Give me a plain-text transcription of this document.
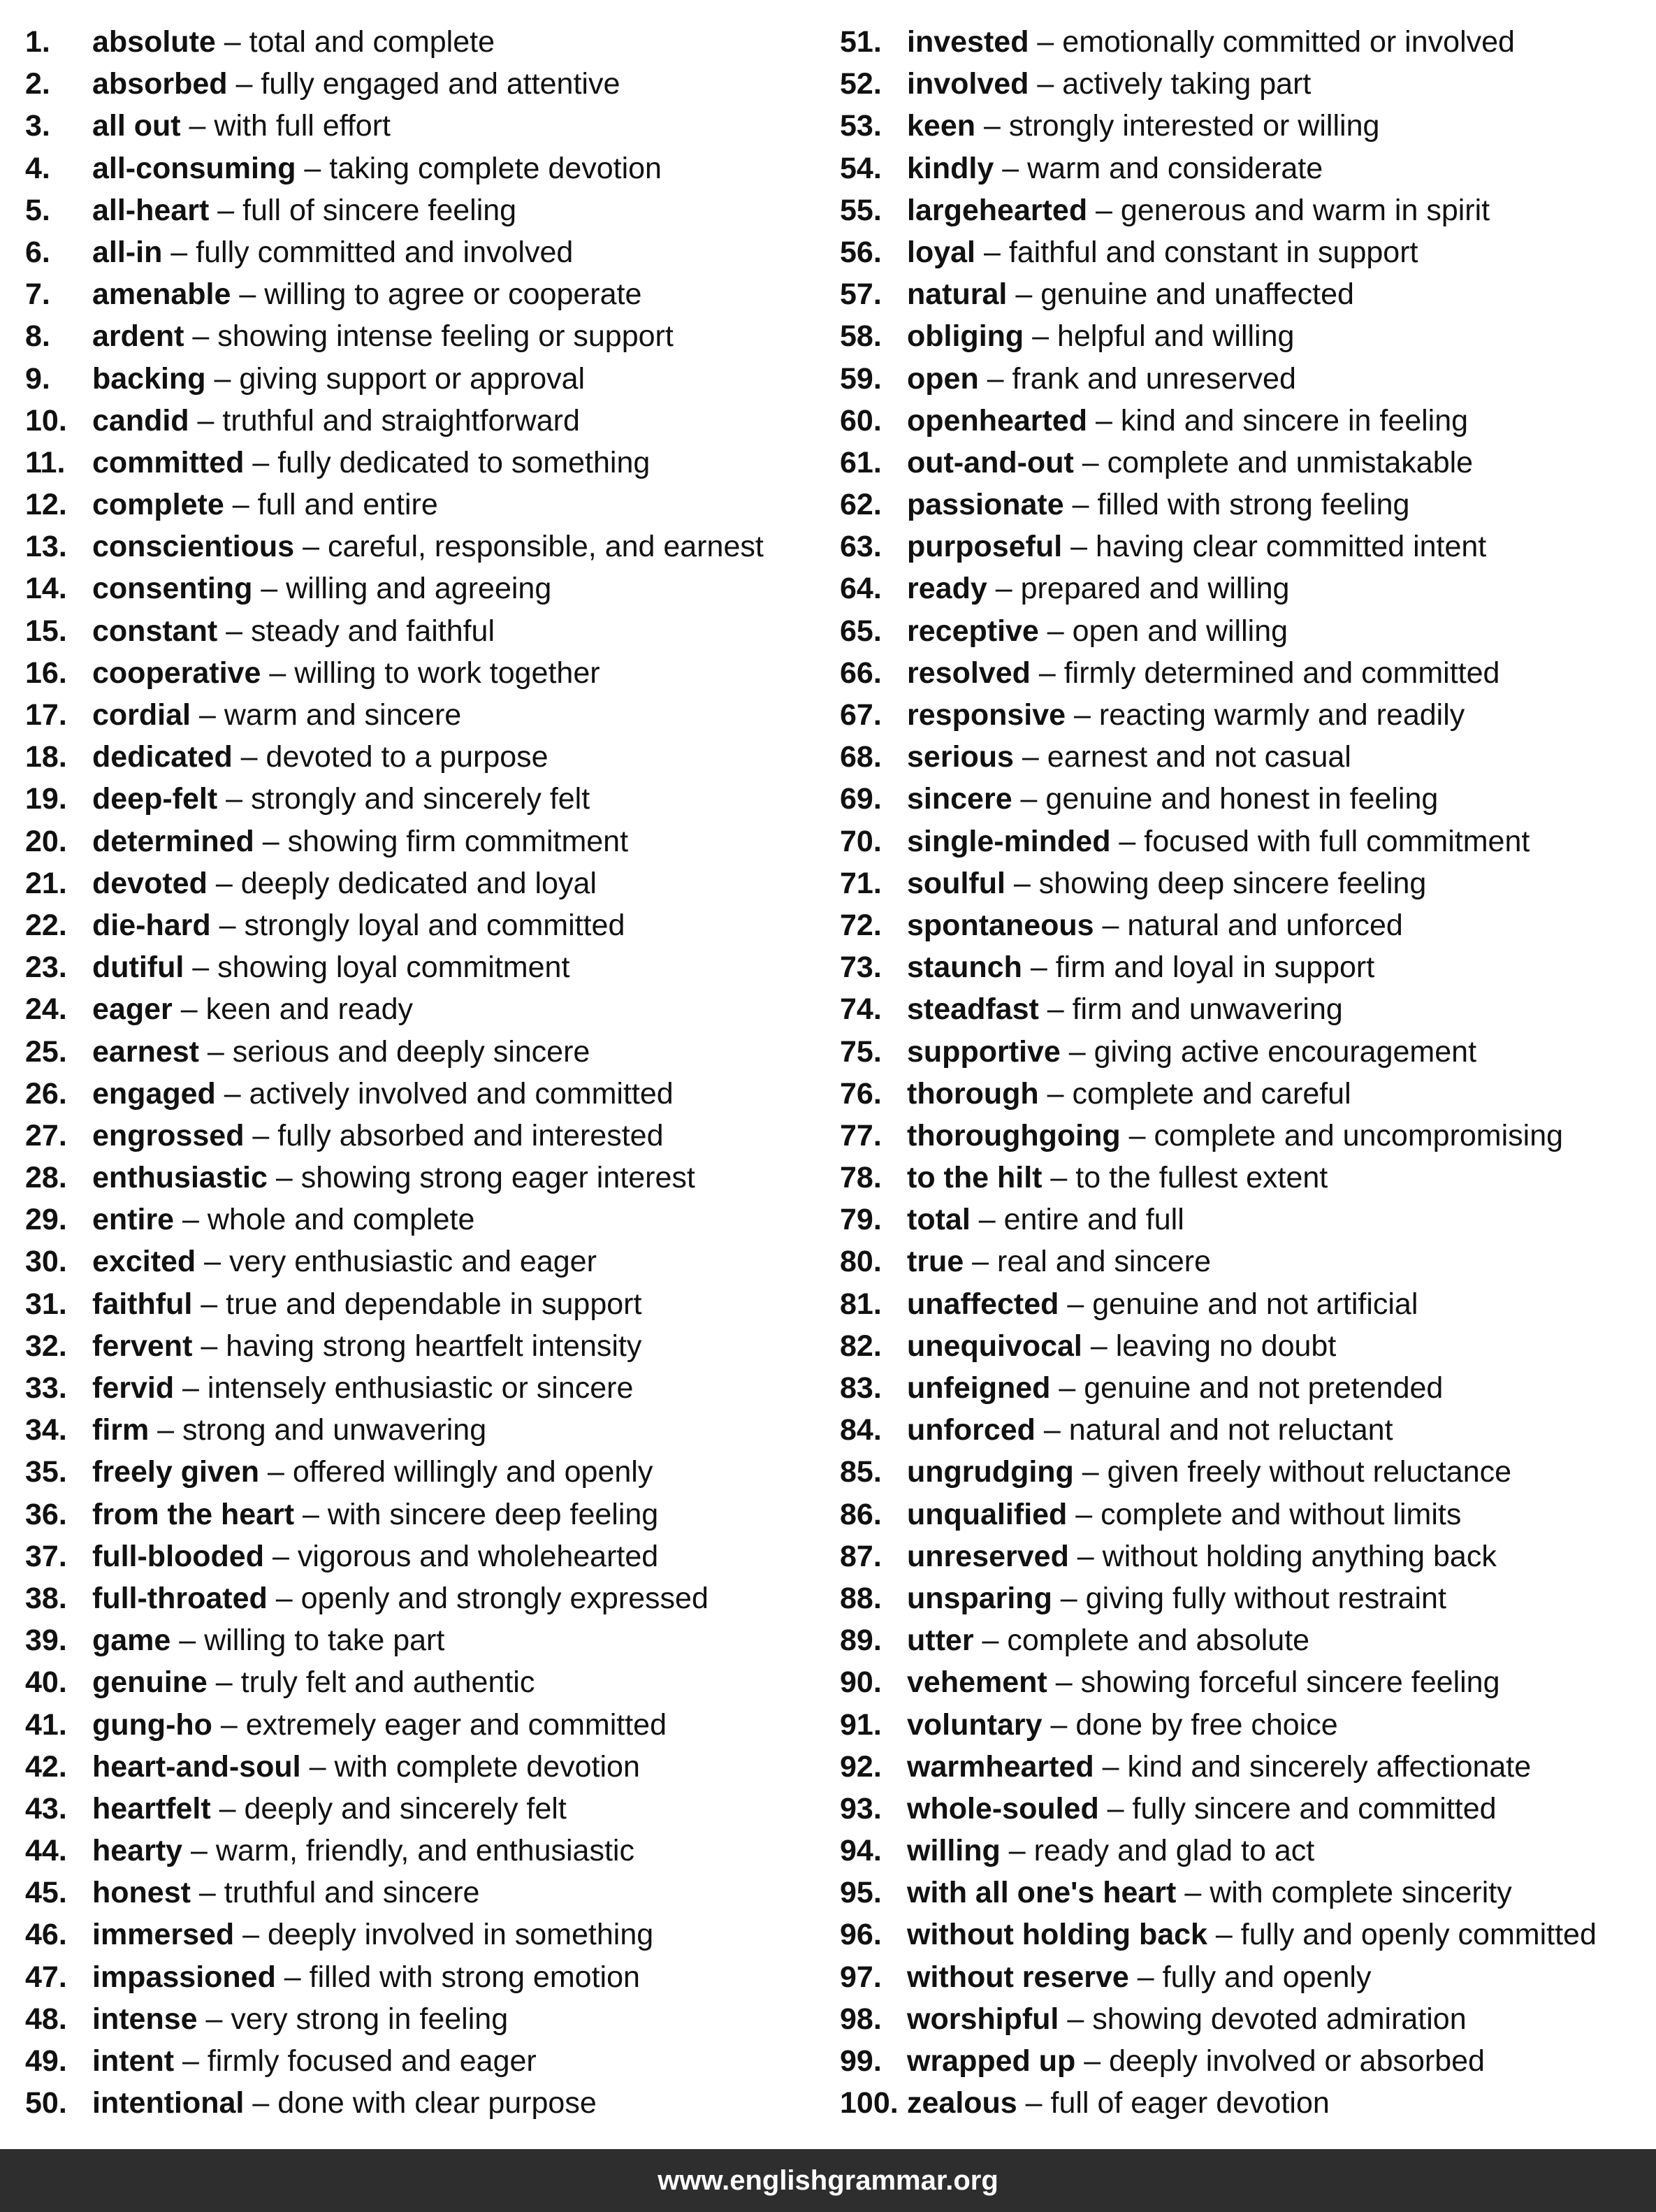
1. absolute – total and complete
2. absorbed – fully engaged and attentive
3. all out – with full effort
4. all-consuming – taking complete devotion
5. all-heart – full of sincere feeling
6. all-in – fully committed and involved
7. amenable – willing to agree or cooperate
8. ardent – showing intense feeling or support
9. backing – giving support or approval
10. candid – truthful and straightforward
11. committed – fully dedicated to something
12. complete – full and entire
13. conscientious – careful, responsible, and earnest
14. consenting – willing and agreeing
15. constant – steady and faithful
16. cooperative – willing to work together
17. cordial – warm and sincere
18. dedicated – devoted to a purpose
19. deep-felt – strongly and sincerely felt
20. determined – showing firm commitment
21. devoted – deeply dedicated and loyal
22. die-hard – strongly loyal and committed
23. dutiful – showing loyal commitment
24. eager – keen and ready
25. earnest – serious and deeply sincere
26. engaged – actively involved and committed
27. engrossed – fully absorbed and interested
28. enthusiastic – showing strong eager interest
29. entire – whole and complete
30. excited – very enthusiastic and eager
31. faithful – true and dependable in support
32. fervent – having strong heartfelt intensity
33. fervid – intensely enthusiastic or sincere
34. firm – strong and unwavering
35. freely given – offered willingly and openly
36. from the heart – with sincere deep feeling
37. full-blooded – vigorous and wholehearted
38. full-throated – openly and strongly expressed
39. game – willing to take part
40. genuine – truly felt and authentic
41. gung-ho – extremely eager and committed
42. heart-and-soul – with complete devotion
43. heartfelt – deeply and sincerely felt
44. hearty – warm, friendly, and enthusiastic
45. honest – truthful and sincere
46. immersed – deeply involved in something
47. impassioned – filled with strong emotion
48. intense – very strong in feeling
49. intent – firmly focused and eager
50. intentional – done with clear purpose
51. invested – emotionally committed or involved
52. involved – actively taking part
53. keen – strongly interested or willing
54. kindly – warm and considerate
55. largehearted – generous and warm in spirit
56. loyal – faithful and constant in support
57. natural – genuine and unaffected
58. obliging – helpful and willing
59. open – frank and unreserved
60. openhearted – kind and sincere in feeling
61. out-and-out – complete and unmistakable
62. passionate – filled with strong feeling
63. purposeful – having clear committed intent
64. ready – prepared and willing
65. receptive – open and willing
66. resolved – firmly determined and committed
67. responsive – reacting warmly and readily
68. serious – earnest and not casual
69. sincere – genuine and honest in feeling
70. single-minded – focused with full commitment
71. soulful – showing deep sincere feeling
72. spontaneous – natural and unforced
73. staunch – firm and loyal in support
74. steadfast – firm and unwavering
75. supportive – giving active encouragement
76. thorough – complete and careful
77. thoroughgoing – complete and uncompromising
78. to the hilt – to the fullest extent
79. total – entire and full
80. true – real and sincere
81. unaffected – genuine and not artificial
82. unequivocal – leaving no doubt
83. unfeigned – genuine and not pretended
84. unforced – natural and not reluctant
85. ungrudging – given freely without reluctance
86. unqualified – complete and without limits
87. unreserved – without holding anything back
88. unsparing – giving fully without restraint
89. utter – complete and absolute
90. vehement – showing forceful sincere feeling
91. voluntary – done by free choice
92. warmhearted – kind and sincerely affectionate
93. whole-souled – fully sincere and committed
94. willing – ready and glad to act
95. with all one's heart – with complete sincerity
96. without holding back – fully and openly committed
97. without reserve – fully and openly
98. worshipful – showing devoted admiration
99. wrapped up – deeply involved or absorbed
100. zealous – full of eager devotion
www.englishgrammar.org
